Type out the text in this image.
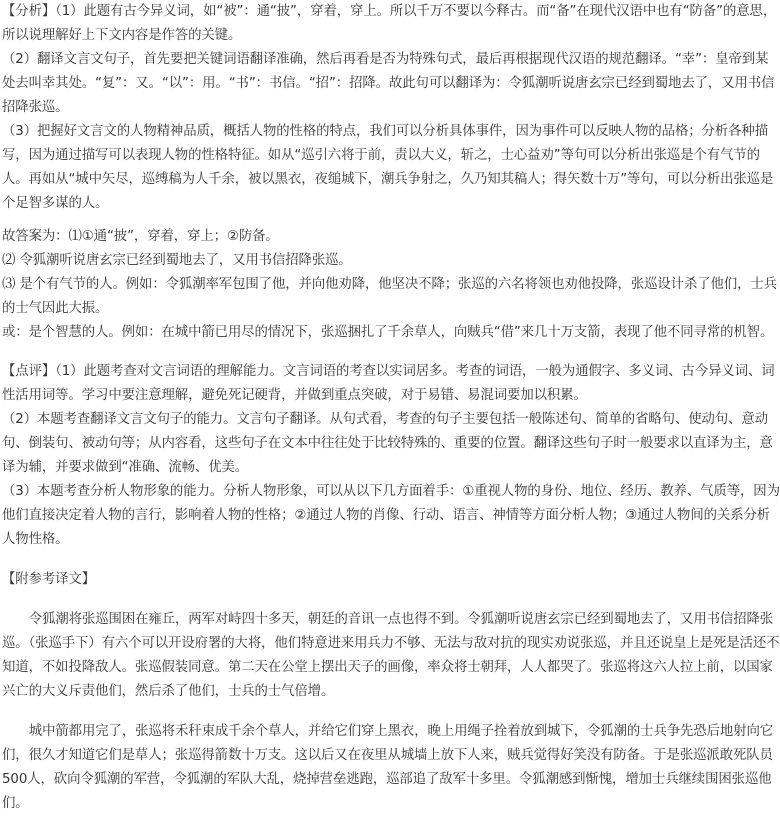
【分析】（1）此题有古今异义词，如“被”：通“披”，穿着，穿上。所以千万不要以今释古。而“备”在现代汉语中也有“防备”的意思，所以说理解好上下文内容是作答的关键。

（2）翻译文言文句子，首先要把关键词语翻译准确，然后再看是否为特殊句式，最后再根据现代汉语的规范翻译。“幸”：皇帝到某处去叫幸其处。“复”：又。“以”：用。“书”：书信。“招”：招降。故此句可以翻译为：令狐潮听说唐玄宗已经到蜀地去了，又用书信招降张巡。

（3）把握好文言文的人物精神品质，概括人物的性格的特点，我们可以分析具体事件，因为事件可以反映人物的品格；分析各种描写，因为通过描写可以表现人物的性格特征。如从“巡引六将于前，责以大义，斩之，士心益劝”等句可以分析出张巡是个有气节的人。再如从“城中矢尽，巡缚稿为人千余，被以黑衣，夜缒城下，潮兵争射之，久乃知其稿人；得矢数十万”等句，可以分析出张巡是个足智多谋的人。

故答案为：⑴①通“披”，穿着，穿上；②防备。

⑵ 令狐潮听说唐玄宗已经到蜀地去了，又用书信招降张巡。

⑶ 是个有气节的人。例如：令狐潮率军包围了他，并向他劝降，他坚决不降；张巡的六名将领也劝他投降，张巡设计杀了他们，士兵的士气因此大振。

或：是个智慧的人。例如：在城中箭已用尽的情况下，张巡捆扎了千余草人，向贼兵“借”来几十万支箭，表现了他不同寻常的机智。

【点评】（1）此题考查对文言词语的理解能力。文言词语的考查以实词居多。考查的词语，一般为通假字、多义词、古今异义词、词性活用词等。学习中要注意理解，避免死记硬背，并做到重点突破，对于易错、易混词要加以积累。

（2）本题考查翻译文言文句子的能力。文言句子翻译。从句式看，考查的句子主要包括一般陈述句、简单的省略句、使动句、意动句、倒装句、被动句等；从内容看，这些句子在文本中往往处于比较特殊的、重要的位置。翻译这些句子时一般要求以直译为主，意译为辅，并要求做到“准确、流畅、优美。

（3）本题考查分析人物形象的能力。分析人物形象，可以从以下几方面着手：①重视人物的身份、地位、经历、教养、气质等，因为他们直接决定着人物的言行，影响着人物的性格；②通过人物的肖像、行动、语言、神情等方面分析人物；③通过人物间的关系分析人物性格。

【附参考译文】

令狐潮将张巡围困在雍丘，两军对峙四十多天，朝廷的音讯一点也得不到。令狐潮听说唐玄宗已经到蜀地去了，又用书信招降张巡。（张巡手下）有六个可以开设府署的大将，他们特意进来用兵力不够、无法与敌对抗的现实劝说张巡，并且还说皇上是死是活还不知道，不如投降敌人。张巡假装同意。第二天在公堂上摆出天子的画像，率众将士朝拜，人人都哭了。张巡将这六人拉上前，以国家兴亡的大义斥责他们，然后杀了他们，士兵的士气倍增。

城中箭都用完了，张巡将禾秆束成千余个草人，并给它们穿上黑衣，晚上用绳子拴着放到城下，令狐潮的士兵争先恐后地射向它们，很久才知道它们是草人；张巡得箭数十万支。这以后又在夜里从城墙上放下人来，贼兵觉得好笑没有防备。于是张巡派敢死队员500人，砍向令狐潮的军营，令狐潮的军队大乱，烧掉营垒逃跑，巡部追了敌军十多里。令狐潮感到惭愧，增加士兵继续围困张巡他们。
